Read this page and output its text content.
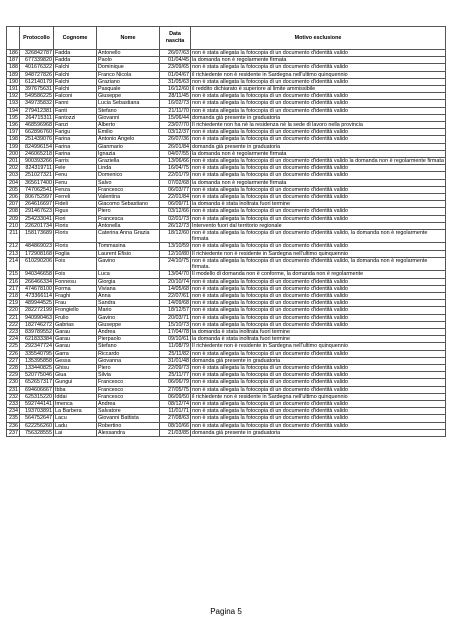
	Protocollo	Cognome	Nome	Data nascita	Motivo esclusione
186	326842787	Fadda	Antonello	26/07/63	non è stata allegata la fotocopia di un documento d'identità valido
187	677339820	Fadda	Paolo	01/04/45	la domanda non è regolarmente firmata
188	401676322	Falchi	Dominique	23/09/65	non è stata allegata la fotocopia di un documento d'identità valido
189	948727826	Falchi	Franco Nicola	01/04/67	il richiedente non è residente in Sardegna nell'ultimo quinquennio
190	612140179	Falchi	Graziano	31/05/63	non è stata allegata la fotocopia di un documento d'identità valido
191	397675631	Falchi	Pasquale	16/12/60	il reddito dichiarato è superiore al limite ammissibile
192	549586225	Falconi	Giuseppe	28/11/45	non è stata allegata la fotocopia di un documento d'identità valido
193	349735832	Fanni	Lucia Sebastiana	16/02/73	non è stata allegata la fotocopia di un documento d'identità valido
194	279412381	Fanti	Stefano	21/11/70	non è stata allegata la fotocopia di un documento d'identità valido
195	264715311	Fantozzi	Giovanni	15/06/44	domanda già presente in graduatoria
196	468596968	Fanzi	Alberto	23/07/70	Il richiedente non ha nè la residenza nè la sede di lavoro nella provincia
197	662896760	Farigu	Emilio	03/12/37	non è stata allegata la fotocopia di un documento d'identità valido
198	251439076	Farina	Antonio Angelo	26/07/36	non è stata allegata la fotocopia di un documento d'identità valido
199	824996154	Farina	Gianmario	26/01/84	domanda già presente in graduatoria
200	246065218	Farina	Ignazia	04/07/55	la domanda non è regolarmente firmata
201	900393266	Farris	Graziella	13/06/66	non è stata allegata la fotocopia di un documento d'identità valido la domanda non è regolarmente firmata
202	824319711	Fele	Linda	16/04/75	non è stata allegata la fotocopia di un documento d'identità valido
203	251027321	Fenu	Domenico	22/01/79	non è stata allegata la fotocopia di un documento d'identità valido
204	365617400	Fenu	Salvo	07/02/68	la domanda non è regolarmente firmata
205	747062541	Fenza	Francesco	06/03/77	non è stata allegata la fotocopia di un documento d'identità valido
206	806752997	Ferreli	Valentina	22/01/84	non è stata allegata la fotocopia di un documento d'identità valido
207	264616697	Fideli	Giacomo Sebastiano	06/09/71	la domanda è stata inoltrata fuori termine
208	291467623	Figus	Piero	03/12/66	non è stata allegata la fotocopia di un documento d'identità valido
209	254233041	Fiori	Francesca	02/01/73	non è stata allegata la fotocopia di un documento d'identità valido
210	226201734	Floris	Antonella	26/12/73	Intervento fuori dal territorio regionale
211	158173689	Floris	Caterina Anna Grazia	18/12/60	non è stata allegata la fotocopia di un documento d'identità valido, la domanda non è regolarmente firmata
212	484869023	Floris	Tommasina	13/10/59	non è stata allegata la fotocopia di un documento d'identità valido
213	172908168	Foglia	Laurent Efisio	12/10/80	Il richiedente non è residente in Sardegna nell'ultimo quinquennio
214	610290206	Fois	Gavino	24/10/75	non è stata allegata la fotocopia di un documento d'identità valido, la domanda non è regolarmente firmata.
215	940346658	Fois	Luca	13/04/70	Il modello di domanda non è conforme, la domanda non è regolarmente
216	266466334	Fonnesu	Giorgia	20/10/74	non è stata allegata la fotocopia di un documento d'identità valido
217	474678100	Forma	Viviana	14/05/68	non è stata allegata la fotocopia di un documento d'identità valido
218	473366114	Fraghi	Anna	22/07/61	non è stata allegata la fotocopia di un documento d'identità valido
219	489944525	Frau	Sandra	14/09/68	non è stata allegata la fotocopia di un documento d'identità valido
220	282272199	Frongiello	Mario	18/12/57	non è stata allegata la fotocopia di un documento d'identità valido
221	940990463	Frulio	Gavino	20/03/71	non è stata allegata la fotocopia di un documento d'identità valido
222	182746272	Gabrias	Giuseppe	15/10/73	non è stata allegata la fotocopia di un documento d'identità valido
223	839789552	Garau	Andrea	17/04/78	la domanda è stata inoltrata fuori termine
224	621833384	Garau	Pierpaolo	09/10/61	la domanda è stata inoltrata fuori termine
225	292347724	Garau	Stefano	11/08/79	Il richiedente non è residente in Sardegna nell'ultimo quinquennio
226	335540795	Garra	Riccardo	25/11/82	non è stata allegata la fotocopia di un documento d'identità valido
227	135395858	Gessa	Giovanna	31/01/48	domanda già presente in graduatoria
228	133440825	Ghisu	Piero	22/09/73	non è stata allegata la fotocopia di un documento d'identità valido
229	520775046	Giua	Silvia	25/11/77	non è stata allegata la fotocopia di un documento d'identità valido
230	652657317	Gungui	Francesco	06/06/79	non è stata allegata la fotocopia di un documento d'identità valido
231	694606667	Ibba	Francesco	27/05/75	non è stata allegata la fotocopia di un documento d'identità valido
232	625315220	Iddai	Francesco	06/09/50	il richiedente non è residente in Sardegna nell'ultimo quinquennio
233	592744141	Imenca	Andrea	08/12/74	non è stata allegata la fotocopia di un documento d'identità valido
234	193703891	La Barbera	Salvatore	11/01/71	non è stata allegata la fotocopia di un documento d'identità valido
235	564752647	Lacu	Giovanni Battista	27/08/63	non è stata allegata la fotocopia di un documento d'identità valido
236	622256260	Ladu	Robertino	08/10/66	non è stata allegata la fotocopia di un documento d'identità valido
237	756328555	Lai	Alessandra	21/03/85	domanda già presente in graduatoria
Pagina 5
